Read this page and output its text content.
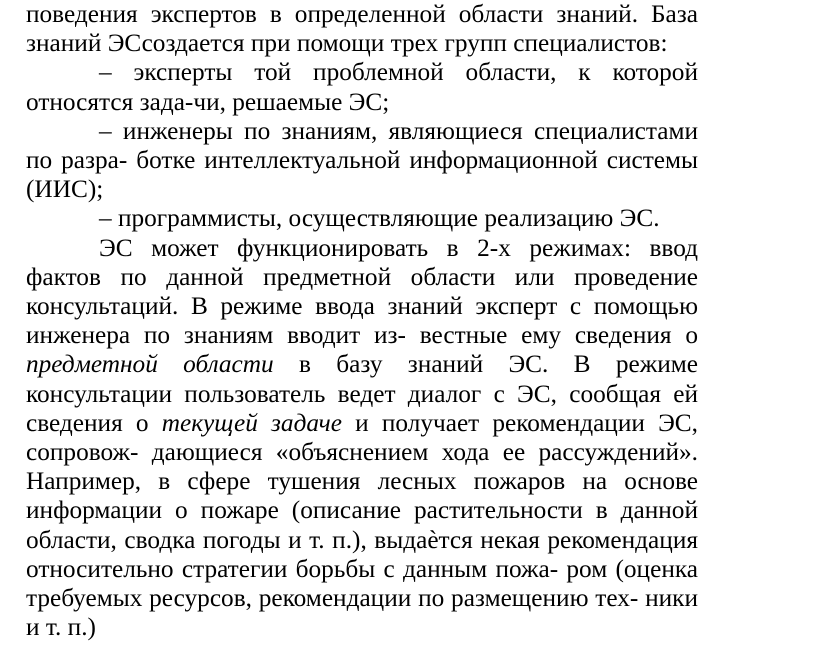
поведения экспертов в определенной области знаний. База знаний ЭСсоздается при помощи трех групп специалистов:

– эксперты той проблемной области, к которой относятся зада-чи, решаемые ЭС;

– инженеры по знаниям, являющиеся специалистами по разра- ботке интеллектуальной информационной системы (ИИС);

– программисты, осуществляющие реализацию ЭС.

ЭС может функционировать в 2-х режимах: ввод фактов по данной предметной области или проведение консультаций. В режиме ввода знаний эксперт с помощью инженера по знаниям вводит из- вестные ему сведения о предметной области в базу знаний ЭС. В режиме консультации пользователь ведет диалог с ЭС, сообщая ей сведения о текущей задаче и получает рекомендации ЭС, сопровож- дающиеся «объяснением хода ее рассуждений». Например, в сфере тушения лесных пожаров на основе информации о пожаре (описание растительности в данной области, сводка погоды и т. п.), выдаѐтся некая рекомендация относительно стратегии борьбы с данным пожа- ром (оценка требуемых ресурсов, рекомендации по размещению тех- ники и т. п.)
